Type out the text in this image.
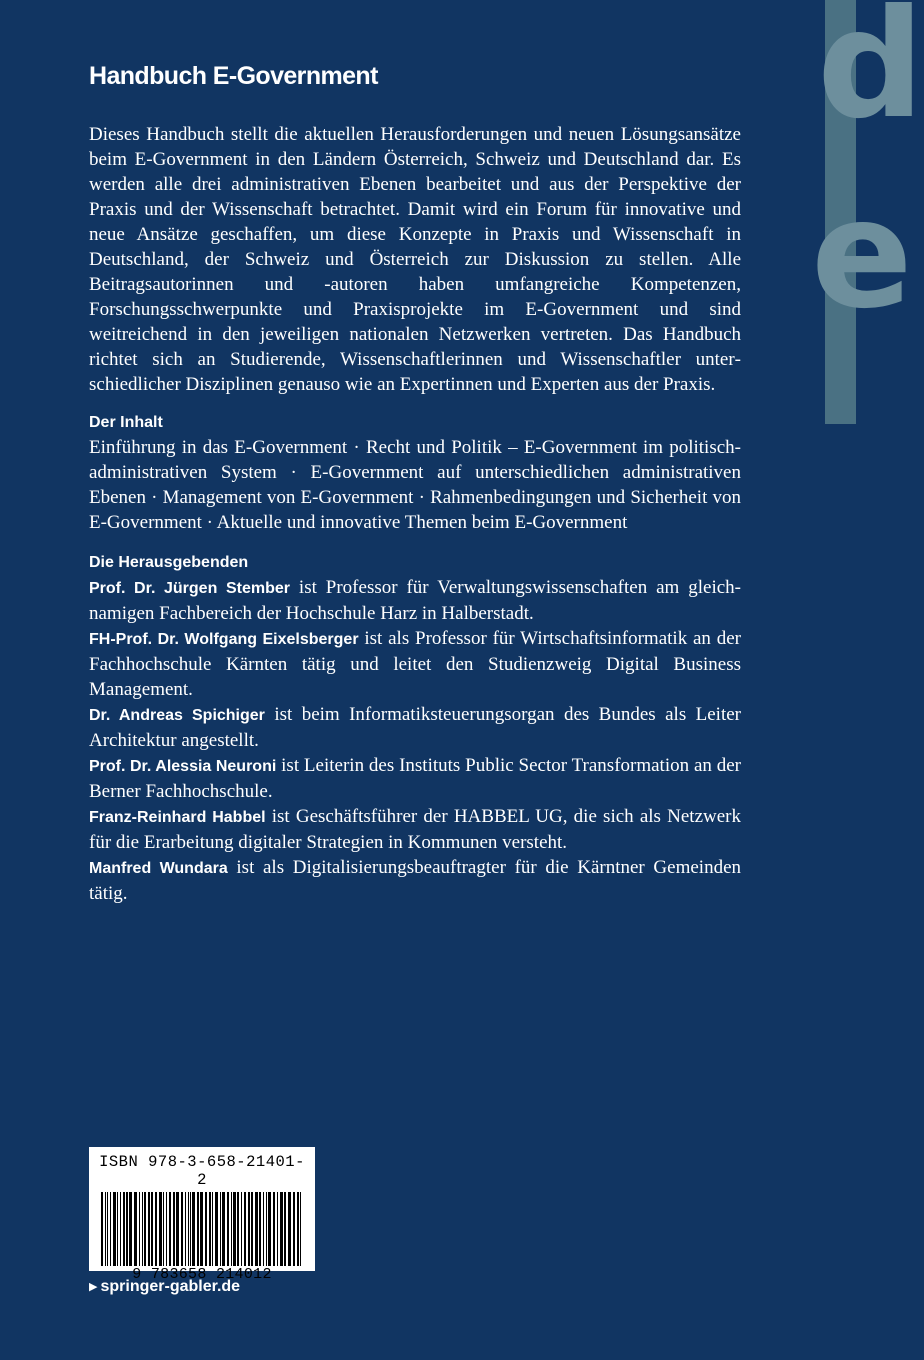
d
e
Handbuch E-Government

Dieses Handbuch stellt die aktuellen Herausforderungen und neuen Lösungsansätze beim E-Government in den Ländern Österreich, Schweiz und Deutschland dar. Es werden alle drei administrativen Ebenen bearbeitet und aus der Perspektive der Praxis und der Wissenschaft betrachtet. Damit wird ein Forum für innovative und neue Ansätze geschaffen, um diese Konzepte in Praxis und Wissenschaft in Deutschland, der Schweiz und Österreich zur Diskussion zu stellen. Alle Beitragsautorinnen und -autoren haben umfangreiche Kompetenzen, Forschungsschwerpunkte und Praxisprojekte im E-Government und sind weitreichend in den jeweiligen nationalen Netzwerken vertreten. Das Handbuch richtet sich an Studierende, Wissenschaftlerinnen und Wissenschaftler unterschiedlicher Disziplinen genauso wie an Expertinnen und Experten aus der Praxis.

Der Inhalt

Einführung in das E-Government · Recht und Politik – E-Government im politisch-administrativen System · E-Government auf unterschiedlichen administrativen Ebenen · Management von E-Government · Rahmenbedingungen und Sicherheit von E-Government · Aktuelle und innovative Themen beim E-Government

Die Herausgebenden

Prof. Dr. Jürgen Stember ist Professor für Verwaltungswissenschaften am gleichnamigen Fachbereich der Hochschule Harz in Halberstadt.

FH-Prof. Dr. Wolfgang Eixelsberger ist als Professor für Wirtschaftsinformatik an der Fachhochschule Kärnten tätig und leitet den Studienzweig Digital Business Management.

Dr. Andreas Spichiger ist beim Informatiksteuerungsorgan des Bundes als Leiter Architektur angestellt.

Prof. Dr. Alessia Neuroni ist Leiterin des Instituts Public Sector Transformation an der Berner Fachhochschule.

Franz-Reinhard Habbel ist Geschäftsführer der HABBEL UG, die sich als Netzwerk für die Erarbeitung digitaler Strategien in Kommunen versteht.

Manfred Wundara ist als Digitalisierungsbeauftragter für die Kärntner Gemeinden tätig.

ISBN 978-3-658-21401-2

9 783658 214012

▶ springer-gabler.de
